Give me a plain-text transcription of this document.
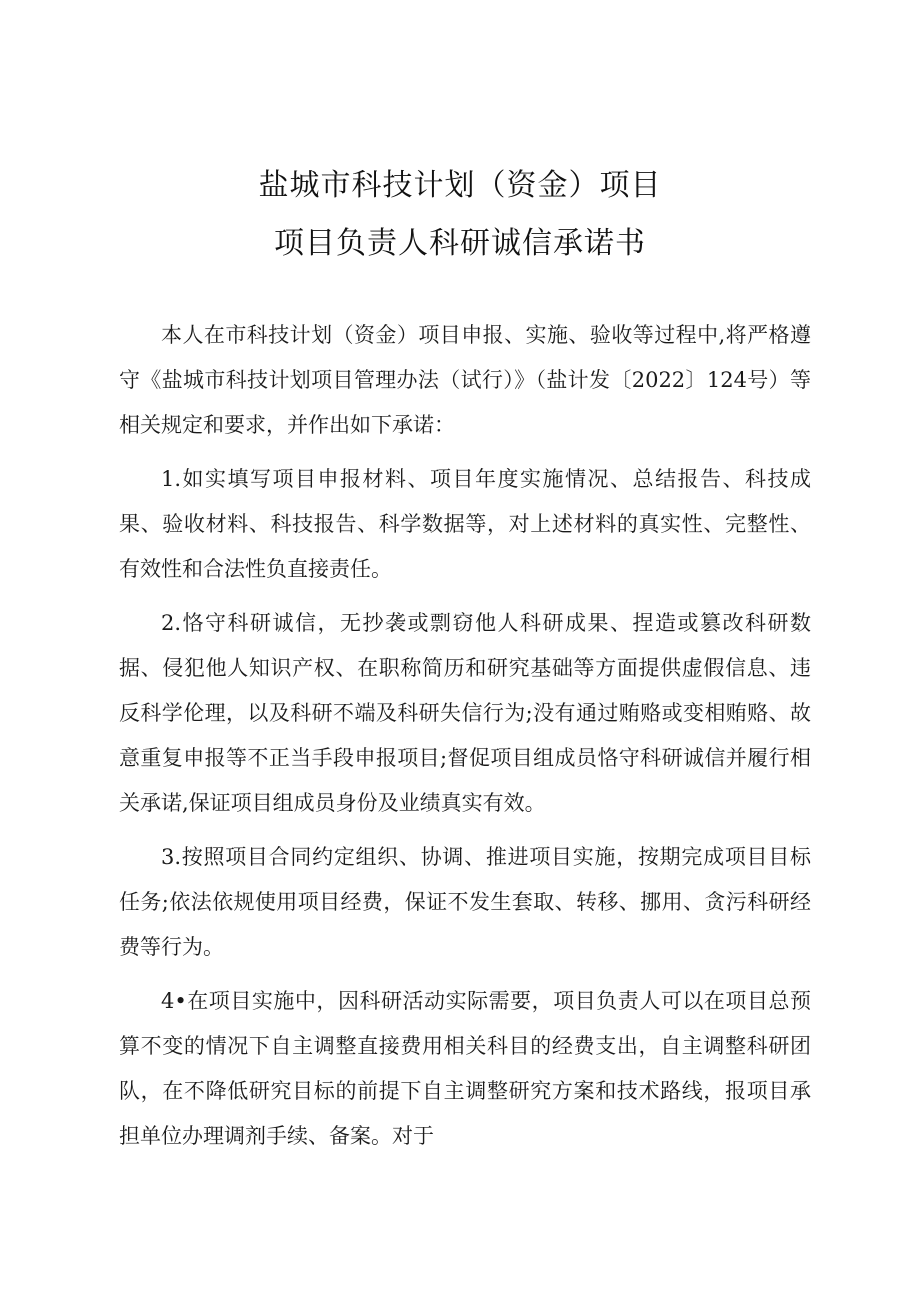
盐城市科技计划（资金）项目
项目负责人科研诚信承诺书

本人在市科技计划（资金）项目申报、实施、验收等过程中,将严格遵守《盐城市科技计划项目管理办法（试行）》（盐计发〔2022〕124号）等相关规定和要求，并作出如下承诺：

1.如实填写项目申报材料、项目年度实施情况、总结报告、科技成果、验收材料、科技报告、科学数据等，对上述材料的真实性、完整性、有效性和合法性负直接责任。

2.恪守科研诚信，无抄袭或剽窃他人科研成果、捏造或篡改科研数据、侵犯他人知识产权、在职称简历和研究基础等方面提供虚假信息、违反科学伦理，以及科研不端及科研失信行为;没有通过贿赂或变相贿赂、故意重复申报等不正当手段申报项目;督促项目组成员恪守科研诚信并履行相关承诺,保证项目组成员身份及业绩真实有效。

3.按照项目合同约定组织、协调、推进项目实施，按期完成项目目标任务;依法依规使用项目经费，保证不发生套取、转移、挪用、贪污科研经费等行为。

4•在项目实施中，因科研活动实际需要，项目负责人可以在项目总预算不变的情况下自主调整直接费用相关科目的经费支出，自主调整科研团队，在不降低研究目标的前提下自主调整研究方案和技术路线，报项目承担单位办理调剂手续、备案。对于
